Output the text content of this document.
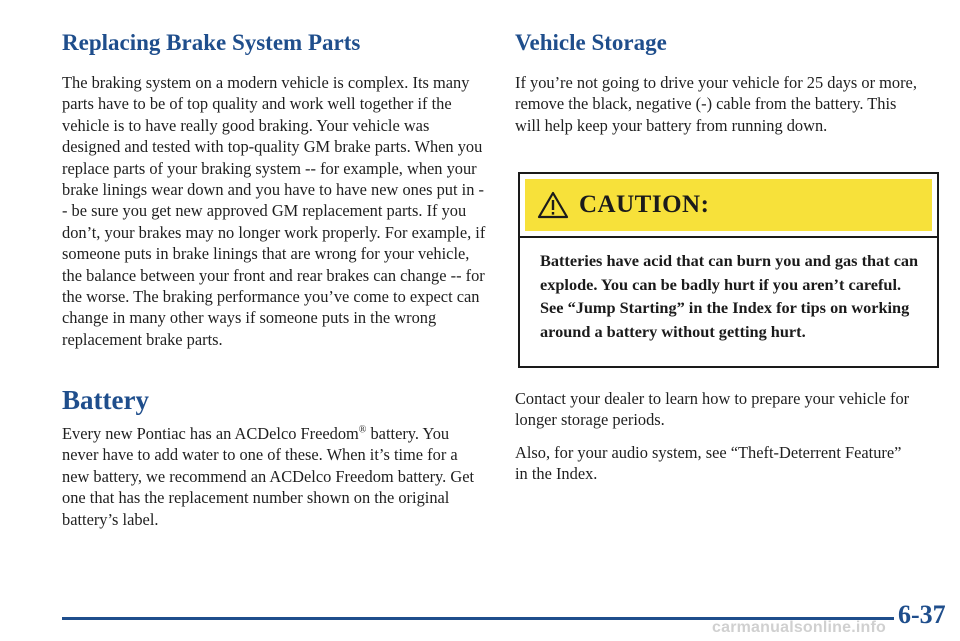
Replacing Brake System Parts

The braking system on a modern vehicle is complex. Its many parts have to be of top quality and work well together if the vehicle is to have really good braking. Your vehicle was designed and tested with top-quality GM brake parts. When you replace parts of your braking system -- for example, when your brake linings wear down and you have to have new ones put in -- be sure you get new approved GM replacement parts. If you don’t, your brakes may no longer work properly. For example, if someone puts in brake linings that are wrong for your vehicle, the balance between your front and rear brakes can change -- for the worse. The braking performance you’ve come to expect can change in many other ways if someone puts in the wrong replacement brake parts.

Battery

Every new Pontiac has an ACDelco Freedom® battery. You never have to add water to one of these. When it’s time for a new battery, we recommend an ACDelco Freedom battery. Get one that has the replacement number shown on the original battery’s label.

Vehicle Storage

If you’re not going to drive your vehicle for 25 days or more, remove the black, negative (-) cable from the battery. This will help keep your battery from running down.

CAUTION:
Batteries have acid that can burn you and gas that can explode. You can be badly hurt if you aren’t careful. See “Jump Starting” in the Index for tips on working around a battery without getting hurt.

Contact your dealer to learn how to prepare your vehicle for longer storage periods.

Also, for your audio system, see “Theft-Deterrent Feature” in the Index.

6-37
carmanualsonline.info
